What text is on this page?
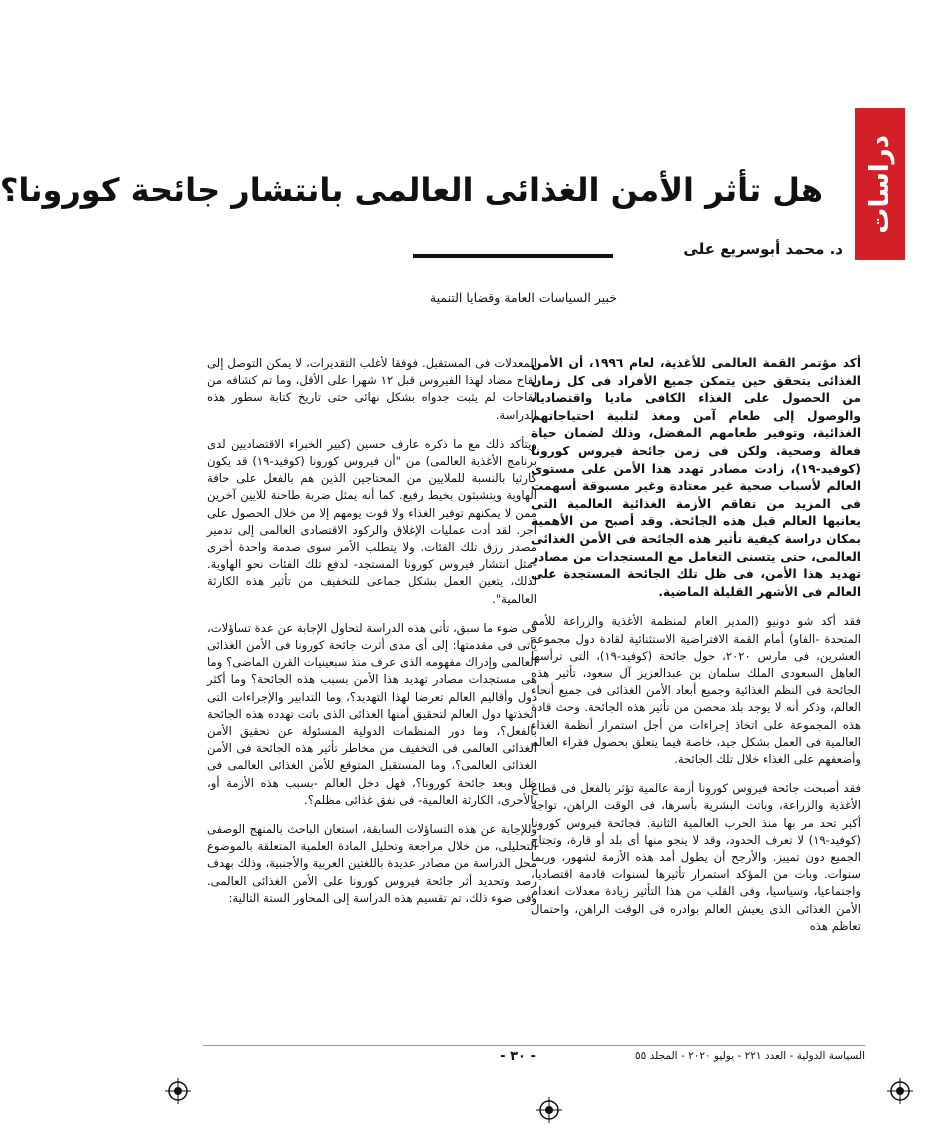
دراسات
هل تأثر الأمن الغذائى العالمى بانتشار جائحة كورونا؟
د. محمد أبوسريع على
خبير السياسات العامة وقضايا التنمية

أكد مؤتمر القمة العالمى للأغذية، لعام ١٩٩٦، أن الأمن الغذائى يتحقق حين يتمكن جميع الأفراد فى كل زمان من الحصول على الغذاء الكافى ماديا واقتصاديا، والوصول إلى طعام آمن ومغذ لتلبية احتياجاتهم الغذائية، وتوفير طعامهم المفضل، وذلك لضمان حياة فعالة وصحية. ولكن فى زمن جائحة فيروس كورونا (كوفيد-١٩)، زادت مصادر تهدد هذا الأمن على مستوى العالم لأسباب صحية غير معتادة وغير مسبوقة أسهمت فى المزيد من تفاقم الأزمة الغذائية العالمية التى يعانيها العالم قبل هذه الجائحة. وقد أصبح من الأهمية بمكان دراسة كيفية تأثير هذه الجائحة فى الأمن الغذائى العالمى، حتى يتسنى التعامل مع المستجدات من مصادر تهديد هذا الأمن، فى ظل تلك الجائحة المستجدة على العالم فى الأشهر القليلة الماضية.

فقد أكد شو دونيو (المدير العام لمنظمة الأغذية والزراعة للأمم المتحدة -الفاو) أمام القمة الافتراضية الاستثنائية لقادة دول مجموعة العشرين، فى مارس ٢٠٢٠، حول جائحة (كوفيد-١٩)، التى ترأسها العاهل السعودى الملك سلمان بن عبدالعزيز آل سعود، تأثير هذه الجائحة فى النظم الغذائية وجميع أبعاد الأمن الغذائى فى جميع أنحاء العالم، وذكر أنه لا يوجد بلد محصن من تأثير هذه الجائحة. وحث قادة هذه المجموعة على اتخاذ إجراءات من أجل استمرار أنظمة الغذاء العالمية فى العمل بشكل جيد، خاصة فيما يتعلق بحصول فقراء العالم وأضعفهم على الغذاء خلال تلك الجائحة.

فقد أصبحت جائحة فيروس كورونا أزمة عالمية تؤثر بالفعل فى قطاع الأغذية والزراعة، وباتت البشرية بأسرها، فى الوقت الراهن، تواجه أكبر تحد مر بها منذ الحرب العالمية الثانية. فجائحة فيروس كورونا (كوفيد-١٩) لا تعرف الحدود، وقد لا ينجو منها أى بلد أو قارة، وتجتاح الجميع دون تمييز. والأرجح أن يطول أمد هذه الأزمة لشهور، وربما سنوات. وبات من المؤكد استمرار تأثيرها لسنوات قادمة اقتصاديا، واجتماعيا، وسياسيا، وفى القلب من هذا التأثير زيادة معدلات انعدام الأمن الغذائى الذى يعيش العالم بوادره فى الوقت الراهن، واحتمال تعاظم هذه

المعدلات فى المستقبل. فوفقا لأغلب التقديرات، لا يمكن التوصل إلى لقاح مضاد لهذا الفيروس قبل ١٢ شهرا على الأقل، وما تم كشافه من لقاحات لم يثبت جدواه بشكل نهائى حتى تاريخ كتابة سطور هذه الدراسة.

ويتأكد ذلك مع ما ذكره عارف حسين (كبير الخبراء الاقتصاديين لدى برنامج الأغذية العالمى) من "أن فيروس كورونا (كوفيد-١٩) قد يكون كارثيا بالنسبة للملايين من المحتاجين الذين هم بالفعل على حافة الهاوية ويتشبثون بخيط رفيع. كما أنه يمثل ضربة طاحنة للايين آخرين ممن لا يمكنهم توفير الغذاء ولا قوت يومهم إلا من خلال الحصول على أجر. لقد أدت عمليات الإغلاق والركود الاقتصادى العالمى إلى تدمير مصدر رزق تلك الفئات. ولا يتطلب الأمر سوى صدمة واحدة أخرى -مثل انتشار فيروس كورونا المستجد- لدفع تلك الفئات نحو الهاوية. لذلك، يتعين العمل بشكل جماعى للتخفيف من تأثير هذه الكارثة العالمية".

فى ضوء ما سبق، تأتى هذه الدراسة لتحاول الإجابة عن عدة تساؤلات، يأتى فى مقدمتها: إلى أى مدى أثرت جائحة كورونا فى الأمن الغذائى العالمى وإدراك مفهومه الذى عرف منذ سبعينيات القرن الماضى؟ وما هى مستجدات مصادر تهديد هذا الأمن بسبب هذه الجائحة؟ وما أكثر دول وأقاليم العالم تعرضا لهذا التهديد؟، وما التدابير والإجراءات التى اتخذتها دول العالم لتحقيق أمنها الغذائى الذى باتت تهدده هذه الجائحة بالفعل؟، وما دور المنظمات الدولية المسئولة عن تحقيق الأمن الغذائى العالمى فى التخفيف من مخاطر تأثير هذه الجائحة فى الأمن الغذائى العالمى؟، وما المستقبل المتوقع للأمن الغذائى العالمى فى ظل وبعد جائحة كورونا؟، فهل دخل العالم -بسبب هذه الأزمة أو، بالأحرى، الكارثة العالمية- فى نفق غذائى مظلم؟.

وللإجابة عن هذه التساؤلات السابقة، استعان الباحث بالمنهج الوصفى التحليلى، من خلال مراجعة وتحليل المادة العلمية المتعلقة بالموضوع محل الدراسة من مصادر عديدة باللغتين العربية والأجنبية، وذلك بهدف رصد وتحديد أثر جائحة فيروس كورونا على الأمن الغذائى العالمى. وفى ضوء ذلك، تم تقسيم هذه الدراسة إلى المحاور الستة التالية:

السياسة الدولية - العدد ٢٢١ - يوليو ٢٠٢٠ - المجلد ٥٥
- ٣٠ -
